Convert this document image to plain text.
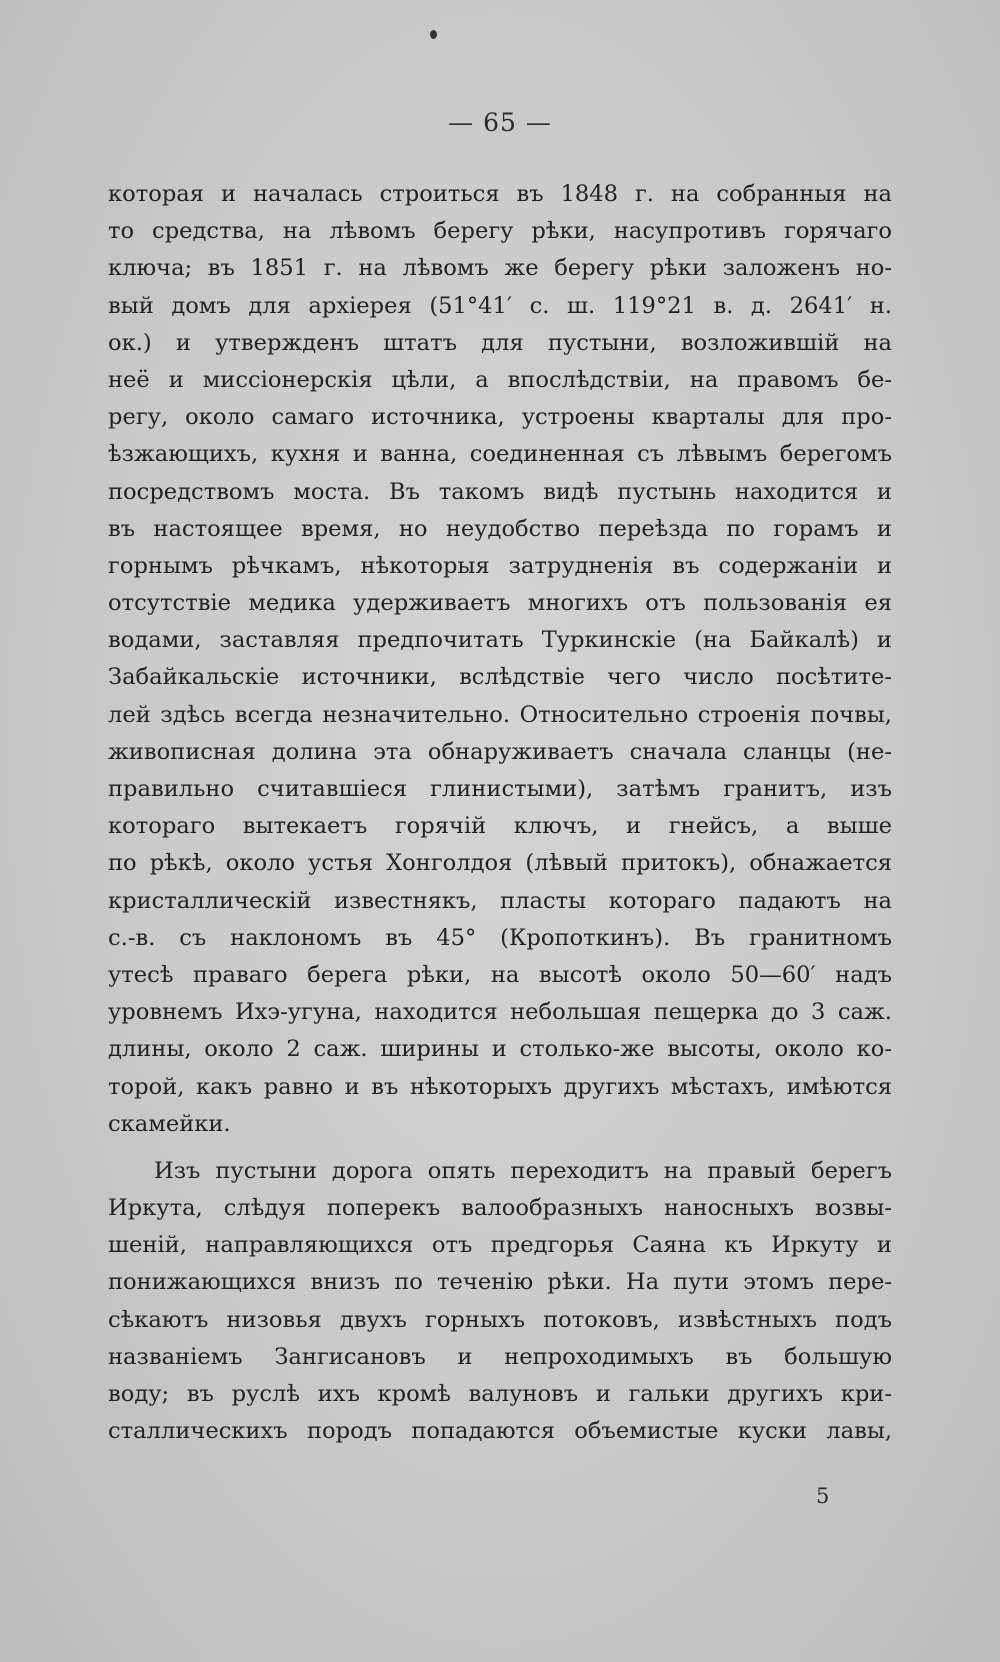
— 65 —
которая и началась строиться въ 1848 г. на собранныя на
то средства, на лѣвомъ берегу рѣки, насупротивъ горячаго
ключа; въ 1851 г. на лѣвомъ же берегу рѣки заложенъ но-
вый домъ для архіерея (51°41′ с. ш. 119°21 в. д. 2641′ н.
ок.) и утвержденъ штатъ для пустыни, возложившій на
неё и миссіонерскія цѣли, а впослѣдствіи, на правомъ бе-
регу, около самаго источника, устроены кварталы для про-
ѣзжающихъ, кухня и ванна, соединенная съ лѣвымъ берегомъ
посредствомъ моста. Въ такомъ видѣ пустынь находится и
въ настоящее время, но неудобство переѣзда по горамъ и
горнымъ рѣчкамъ, нѣкоторыя затрудненія въ содержаніи и
отсутствіе медика удерживаетъ многихъ отъ пользованія ея
водами, заставляя предпочитать Туркинскіе (на Байкалѣ) и
Забайкальскіе источники, вслѣдствіе чего число посѣтите-
лей здѣсь всегда незначительно. Относительно строенія почвы,
живописная долина эта обнаруживаетъ сначала сланцы (не-
правильно считавшіеся глинистыми), затѣмъ гранитъ, изъ
котораго вытекаетъ горячій ключъ, и гнейсъ, а выше
по рѣкѣ, около устья Хонголдоя (лѣвый притокъ), обнажается
кристаллическій известнякъ, пласты котораго падаютъ на
с.-в. съ наклономъ въ 45° (Кропоткинъ). Въ гранитномъ
утесѣ праваго берега рѣки, на высотѣ около 50—60′ надъ
уровнемъ Ихэ-угуна, находится небольшая пещерка до 3 саж.
длины, около 2 саж. ширины и столько-же высоты, около ко-
торой, какъ равно и въ нѣкоторыхъ другихъ мѣстахъ, имѣются
скамейки.
Изъ пустыни дорога опять переходитъ на правый берегъ
Иркута, слѣдуя поперекъ валообразныхъ наносныхъ возвы-
шеній, направляющихся отъ предгорья Саяна къ Иркуту и
понижающихся внизъ по теченію рѣки. На пути этомъ пере-
сѣкаютъ низовья двухъ горныхъ потоковъ, извѣстныхъ подъ
названіемъ Зангисановъ и непроходимыхъ въ большую
воду; въ руслѣ ихъ кромѣ валуновъ и гальки другихъ кри-
сталлическихъ породъ попадаются объемистые куски лавы,
5
